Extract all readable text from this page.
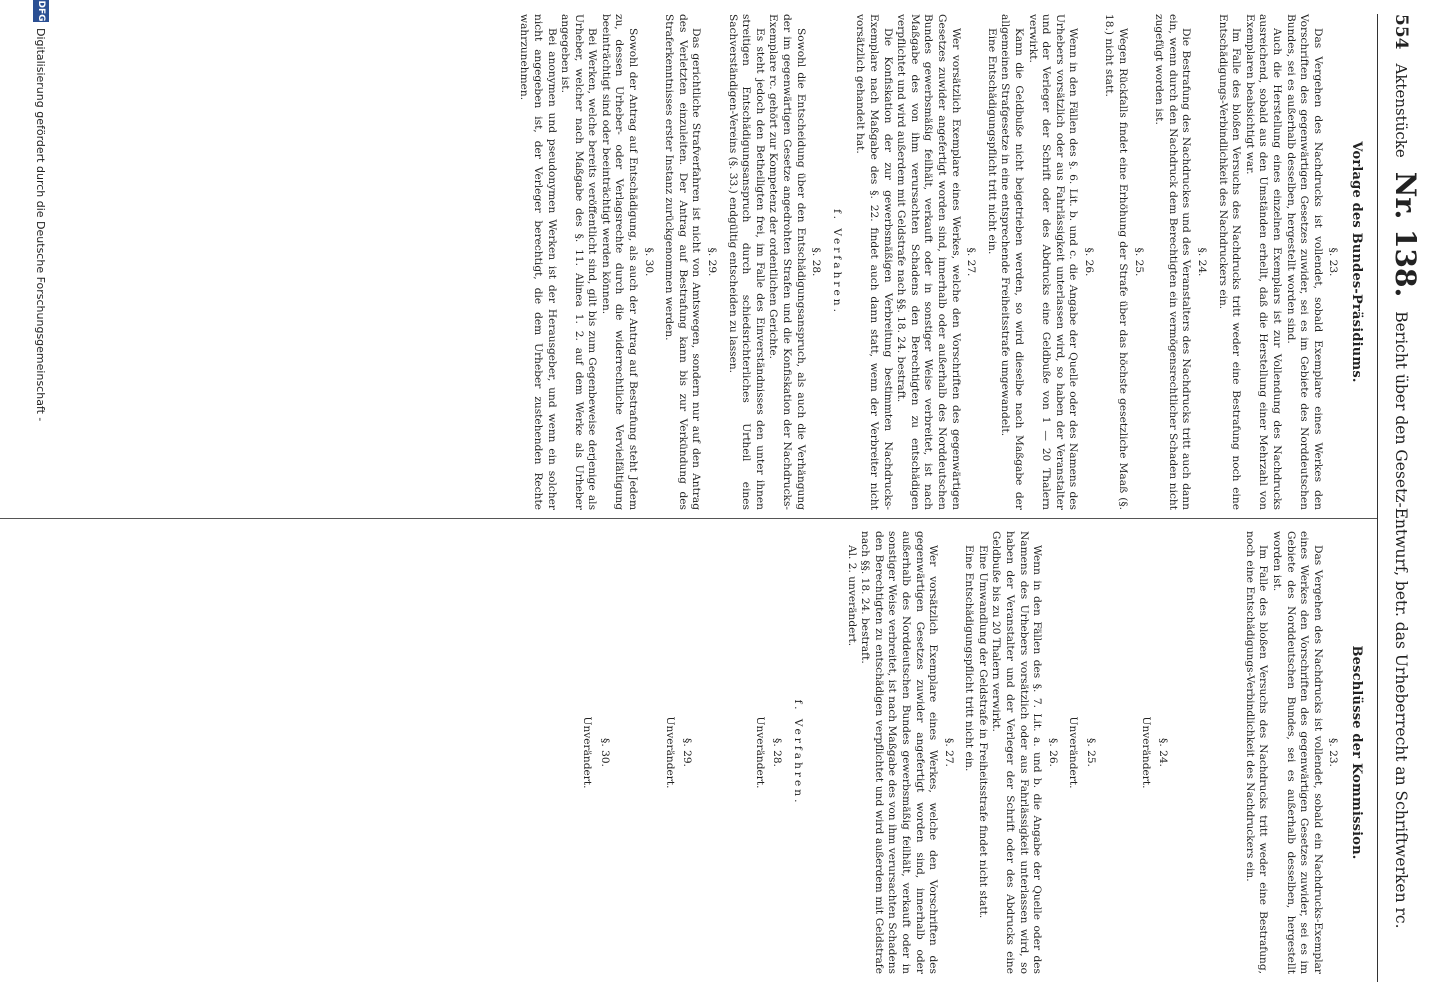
554
Aktenstücke
Nr. 138.
Bericht über den Gesetz-Entwurf, betr. das Urheberrecht an Schriftwerken rc.
Vorlage des Bundes-Präsidiums.
§. 23.

Das Vergehen des Nachdrucks ist vollendet, sobald Exemplare eines Werkes den Vorschriften des gegenwärtigen Gesetzes zuwider, sei es im Gebiete des Norddeutschen Bundes, sei es außerhalb desselben, hergestellt worden sind.

Auch die Herstellung eines einzelnen Exemplars ist zur Vollendung des Nachdrucks ausreichend, sobald aus den Umständen erhellt, daß die Herstellung einer Mehrzahl von Exemplaren beabsichtigt war.

Im Falle des bloßen Versuchs des Nachdrucks tritt weder eine Bestrafung noch eine Entschädigungs-Verbindlichkeit des Nachdruckers ein.

§. 24.

Die Bestrafung des Nachdruckes und des Veranstalters des Nachdrucks tritt auch dann ein, wenn durch den Nachdruck dem Berechtigten ein vermögensrechtlicher Schaden nicht zugefügt worden ist.

§. 25.

Wegen Rückfalls findet eine Erhöhung der Strafe über das höchste gesetzliche Maaß (§. 18.) nicht statt.

§. 26.

Wenn in den Fällen des §. 6. Lit. b. und c. die Angabe der Quelle oder des Namens des Urhebers vorsätzlich oder aus Fahrlässigkeit unterlassen wird, so haben der Veranstalter und der Verleger der Schrift oder des Abdrucks eine Geldbuße von 1 — 20 Thalern verwirkt.

Kann die Geldbuße nicht beigetrieben werden, so wird dieselbe nach Maßgabe der allgemeinen Strafgesetze in eine entsprechende Freiheitsstrafe umgewandelt.

Eine Entschädigungspflicht tritt nicht ein.

§. 27.

Wer vorsätzlich Exemplare eines Werkes, welche den Vorschriften des gegenwärtigen Gesetzes zuwider angefertigt worden sind, innerhalb oder außerhalb des Norddeutschen Bundes gewerbsmäßig feilhält, verkauft oder in sonstiger Weise verbreitet, ist nach Maßgabe des von ihm verursachten Schadens den Berechtigten zu entschädigen verpflichtet und wird außerdem mit Geldstrafe nach §§. 18. 24. bestraft.

Die Konfiskation der zur gewerbsmäßigen Verbreitung bestimmten Nachdrucks-Exemplare nach Maßgabe des §. 22. findet auch dann statt, wenn der Verbreiter nicht vorsätzlich gehandelt hat.

f. Verfahren.
§. 28.

Sowohl die Entscheidung über den Entschädigungsanspruch, als auch die Verhängung der im gegenwärtigen Gesetze angedrohten Strafen und die Konfiskation der Nachdrucks-Exemplare rc. gehört zur Kompetenz der ordentlichen Gerichte.

Es steht jedoch den Betheiligten frei, im Falle des Einverständnisses den unter ihnen streitigen Entschädigungsanspruch durch schiedsrichterliches Urtheil eines Sachverständigen-Vereins (§. 33.) endgültig entscheiden zu lassen.

§. 29.

Das gerichtliche Strafverfahren ist nicht von Amtswegen, sondern nur auf den Antrag des Verletzten einzuleiten. Der Antrag auf Bestrafung kann bis zur Verkündung des Straferkenntnisses erster Instanz zurückgenommen werden.

§. 30.

Sowohl der Antrag auf Entschädigung, als auch der Antrag auf Bestrafung steht Jedem zu, dessen Urheber- oder Verlagsrechte durch die widerrechtliche Vervielfältigung beeinträchtigt sind oder beeinträchtigt werden können.

Bei Werken, welche bereits veröffentlicht sind, gilt bis zum Gegenbeweise derjenige als Urheber, welcher nach Maßgabe des §. 11. Alinea 1. 2. auf dem Werke als Urheber angegeben ist.

Bei anonymen und pseudonymen Werken ist der Herausgeber, und wenn ein solcher nicht angegeben ist, der Verleger berechtigt, die dem Urheber zustehenden Rechte wahrzunehmen.

Beschlüsse der Kommission.
§. 23.

Das Vergehen des Nachdrucks ist vollendet, sobald ein Nachdrucks-Exemplar eines Werkes den Vorschriften des gegenwärtigen Gesetzes zuwider, sei es im Gebiete des Norddeutschen Bundes, sei es außerhalb desselben, hergestellt worden ist.

Im Falle des bloßen Versuchs des Nachdrucks tritt weder eine Bestrafung, noch eine Entschädigungs-Verbindlichkeit des Nachdruckers ein.

§. 24.
Unverändert.
§. 25.
Unverändert.
§. 26.

Wenn in den Fällen des §. 7. Lit. a. und b. die Angabe der Quelle oder des Namens des Urhebers vorsätzlich oder aus Fahrlässigkeit unterlassen wird, so haben der Veranstalter und der Verleger der Schrift oder des Abdrucks eine Geldbuße bis zu 20 Thalern verwirkt.

Eine Umwandlung der Geldstrafe in Freiheitsstrafe findet nicht statt.

Eine Entschädigungspflicht tritt nicht ein.

§. 27.

Wer vorsätzlich Exemplare eines Werkes, welche den Vorschriften des gegenwärtigen Gesetzes zuwider angefertigt worden sind, innerhalb oder außerhalb des Norddeutschen Bundes gewerbsmäßig feilhält, verkauft oder in sonstiger Weise verbreitet, ist nach Maßgabe des von ihm verursachten Schadens den Berechtigten zu entschädigen verpflichtet und wird außerdem mit Geldstrafe nach §§. 18. 24. bestraft.

Al. 2. unverändert.

f. Verfahren.
§. 28.
Unverändert.
§. 29.
Unverändert.
§. 30.
Unverändert.
DFG
Digitalisierung gefördert durch die Deutsche Forschungsgemeinschaft -
